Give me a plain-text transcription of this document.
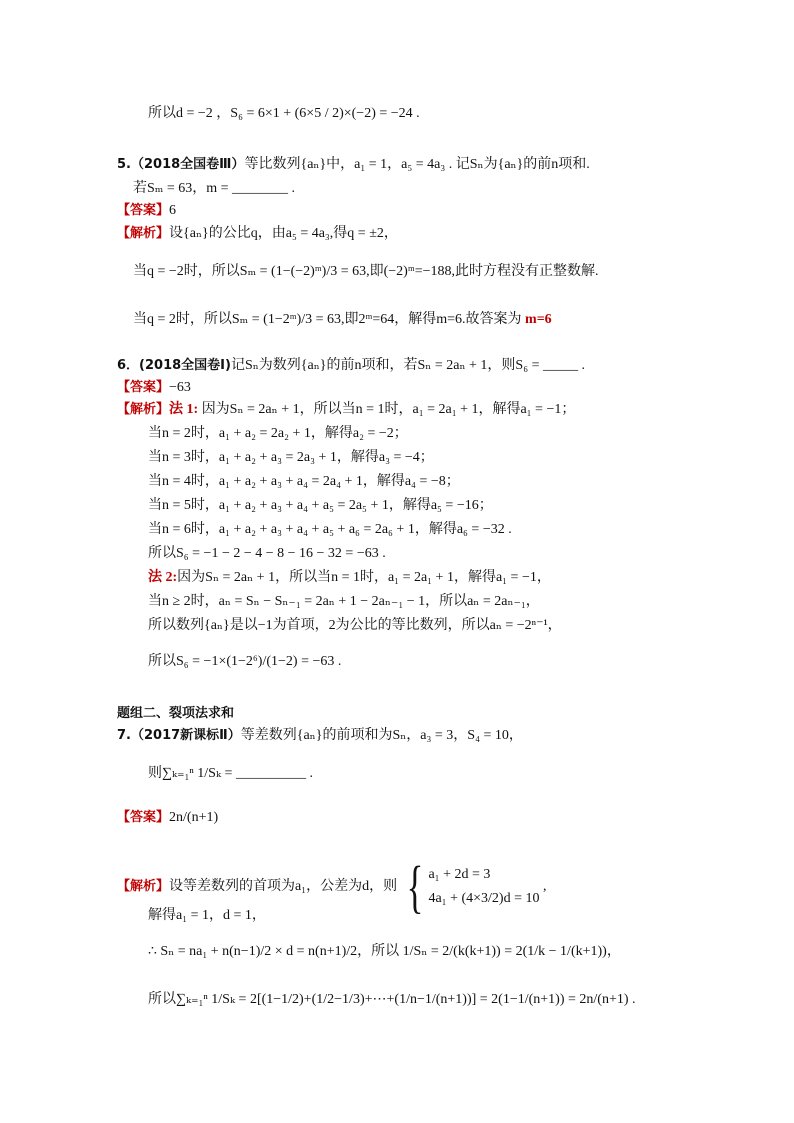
所以d = −2 ，S₆ = 6×1 + (6×5 / 2)×(−2) = −24 .
5.（2018全国卷Ⅲ）等比数列{aₙ}中，a₁ = 1，a₅ = 4a₃ . 记Sₙ为{aₙ}的前n项和.
若Sₘ = 63，m = ________ .
【答案】6
【解析】设{aₙ}的公比q，由a₅ = 4a₃,得q = ±2，
当q = −2时，所以Sₘ = (1−(−2)ᵐ)/3 = 63,即(−2)ᵐ=−188,此时方程没有正整数解.
当q = 2时，所以Sₘ = (1−2ᵐ)/3 = 63,即2ᵐ=64，解得m=6.故答案为 m=6
6．(2018全国卷Ⅰ)记Sₙ为数列{aₙ}的前n项和，若Sₙ = 2aₙ + 1，则S₆ = _____ .
【答案】−63
【解析】法 1: 因为Sₙ = 2aₙ + 1，所以当n = 1时，a₁ = 2a₁ + 1，解得a₁ = −1；
当n = 2时，a₁ + a₂ = 2a₂ + 1，解得a₂ = −2；
当n = 3时，a₁ + a₂ + a₃ = 2a₃ + 1，解得a₃ = −4；
当n = 4时，a₁ + a₂ + a₃ + a₄ = 2a₄ + 1，解得a₄ = −8；
当n = 5时，a₁ + a₂ + a₃ + a₄ + a₅ = 2a₅ + 1，解得a₅ = −16；
当n = 6时，a₁ + a₂ + a₃ + a₄ + a₅ + a₆ = 2a₆ + 1，解得a₆ = −32 .
所以S₆ = −1 − 2 − 4 − 8 − 16 − 32 = −63 .
法 2:因为Sₙ = 2aₙ + 1，所以当n = 1时，a₁ = 2a₁ + 1，解得a₁ = −1，
当n ≥ 2时，aₙ = Sₙ − Sₙ₋₁ = 2aₙ + 1 − 2aₙ₋₁ − 1，所以aₙ = 2aₙ₋₁，
所以数列{aₙ}是以−1为首项，2为公比的等比数列，所以aₙ = −2ⁿ⁻¹，
所以S₆ = −1×(1−2⁶)/(1−2) = −63 .
题组二、裂项法求和
7.（2017新课标Ⅱ）等差数列{aₙ}的前项和为Sₙ，a₃ = 3，S₄ = 10，
则∑ₖ₌₁ⁿ 1/Sₖ = __________ .
【答案】2n/(n+1)
【解析】设等差数列的首项为a₁，公差为d，则 { a₁ + 2d = 3
4a₁ + (4×3/2)d = 10
,
解得a₁ = 1，d = 1，
∴ Sₙ = na₁ + n(n−1)/2 × d = n(n+1)/2，所以 1/Sₙ = 2/(k(k+1)) = 2(1/k − 1/(k+1))，
所以∑ₖ₌₁ⁿ 1/Sₖ = 2[(1−1/2)+(1/2−1/3)+⋯+(1/n−1/(n+1))] = 2(1−1/(n+1)) = 2n/(n+1) .
